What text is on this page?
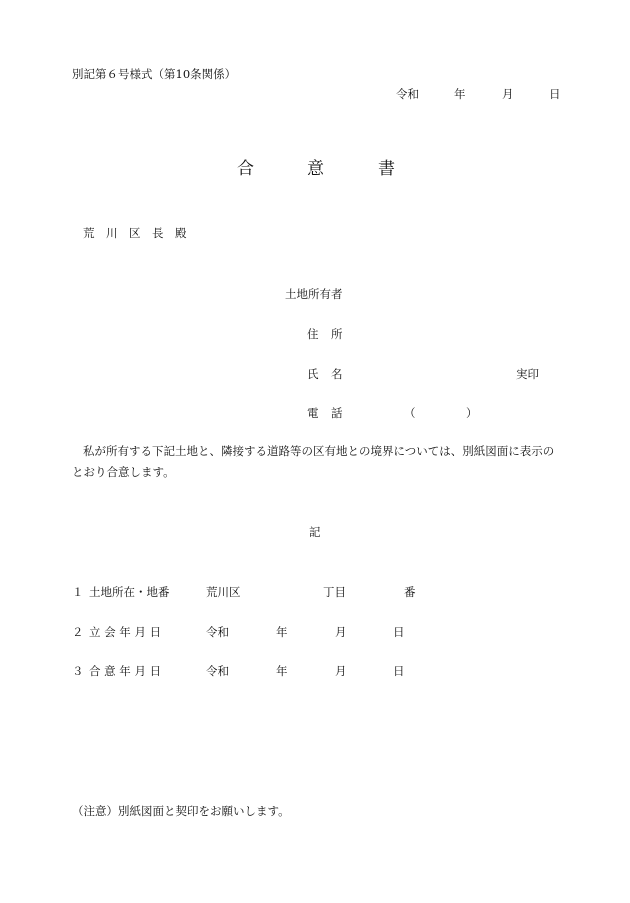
別記第６号様式（第10条関係）
令和	年	月	日
合	意	書
荒 川 区 長 殿
土地所有者
住 所
氏 名	実印
電 話	（	）
私が所有する下記土地と、隣接する道路等の区有地との境界については、別紙図面に表示の
とおり合意します。
記
１ 土地所在・地番	荒川区	丁目	番
２ 立 会 年 月 日	令和	年	月	日
３ 合 意 年 月 日	令和	年	月	日
（注意）別紙図面と契印をお願いします。
